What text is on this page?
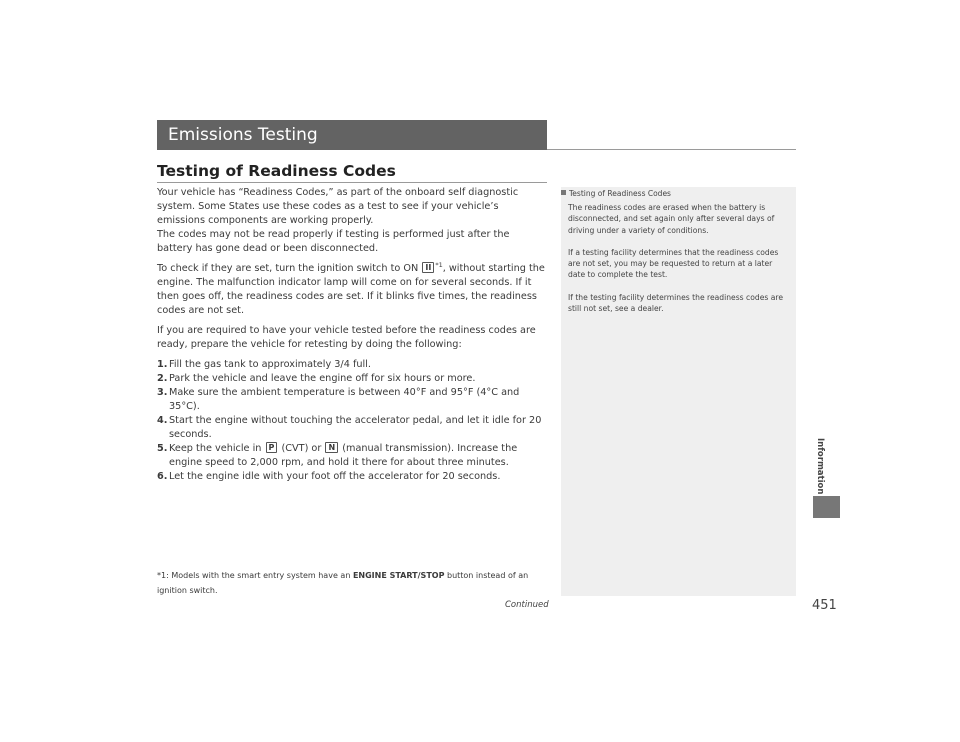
Emissions Testing
Testing of Readiness Codes

Your vehicle has “Readiness Codes,” as part of the onboard self diagnostic system. Some States use these codes as a test to see if your vehicle’s emissions components are working properly.
The codes may not be read properly if testing is performed just after the battery has gone dead or been disconnected.

To check if they are set, turn the ignition switch to ON II $^{*1}$, without starting the engine. The malfunction indicator lamp will come on for several seconds. If it then goes off, the readiness codes are set. If it blinks five times, the readiness codes are not set.

If you are required to have your vehicle tested before the readiness codes are ready, prepare the vehicle for retesting by doing the following:

1. Fill the gas tank to approximately 3/4 full.
2. Park the vehicle and leave the engine off for six hours or more.
3. Make sure the ambient temperature is between 40°F and 95°F (4°C and 35°C).
4. Start the engine without touching the accelerator pedal, and let it idle for 20 seconds.
5. Keep the vehicle in P (CVT) or N (manual transmission). Increase the engine speed to 2,000 rpm, and hold it there for about three minutes.
6. Let the engine idle with your foot off the accelerator for 20 seconds.
*1: Models with the smart entry system have an ENGINE START/STOP button instead of an ignition switch.
Continued
Testing of Readiness Codes

The readiness codes are erased when the battery is disconnected, and set again only after several days of driving under a variety of conditions.

If a testing facility determines that the readiness codes are not set, you may be requested to return at a later date to complete the test.

If the testing facility determines the readiness codes are still not set, see a dealer.

451
Information
